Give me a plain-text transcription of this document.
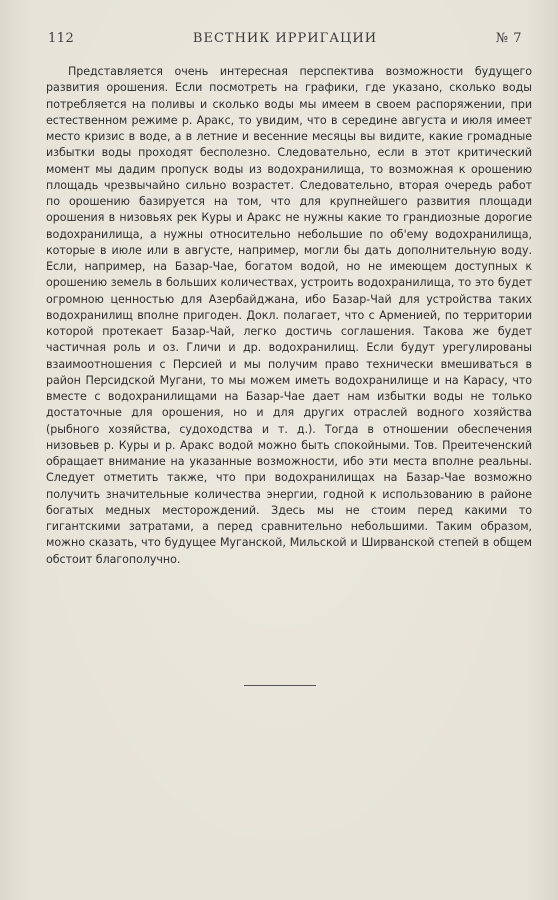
112	ВЕСТНИК ИРРИГАЦИИ	№ 7

Представляется очень интересная перспектива возможности будущего развития орошения. Если посмотреть на графики, где указано, сколько воды потребляется на поливы и сколько воды мы имеем в своем распоряжении, при естественном режиме р. Аракс, то увидим, что в середине августа и июля имеет место кризис в воде, а в летние и весенние месяцы вы видите, какие громадные избытки воды проходят бесполезно. Следовательно, если в этот критический момент мы дадим пропуск воды из водохранилища, то возможная к орошению площадь чрезвычайно сильно возрастет. Следовательно, вторая очередь работ по орошению базируется на том, что для крупнейшего развития площади орошения в низовьях рек Куры и Аракс не нужны какие то грандиозные дорогие водохранилища, а нужны относительно небольшие по об'ему водохранилища, которые в июле или в августе, например, могли бы дать дополнительную воду. Если, например, на Базар-Чае, богатом водой, но не имеющем доступных к орошению земель в больших количествах, устроить водохранилища, то это будет огромною ценностью для Азербайджана, ибо Базар-Чай для устройства таких водохранилищ вполне пригоден. Докл. полагает, что с Арменией, по территории которой протекает Базар-Чай, легко достичь соглашения. Такова же будет частичная роль и оз. Гличи и др. водохранилищ. Если будут урегулированы взаимоотношения с Персией и мы получим право технически вмешиваться в район Персидской Мугани, то мы можем иметь водохранилище и на Карасу, что вместе с водохранилищами на Базар-Чае дает нам избытки воды не только достаточные для орошения, но и для других отраслей водного хозяйства (рыбного хозяйства, судоходства и т. д.). Тогда в отношении обеспечения низовьев р. Куры и р. Аракс водой можно быть спокойными. Тов. Преитеченский обращает внимание на указанные возможности, ибо эти места вполне реальны. Следует отметить также, что при водохранилищах на Базар-Чае возможно получить значительные количества энергии, годной к использованию в районе богатых медных месторождений. Здесь мы не стоим перед какими то гигантскими затратами, а перед сравнительно небольшими. Таким образом, можно сказать, что будущее Муганской, Мильской и Ширванской степей в общем обстоит благополучно.
